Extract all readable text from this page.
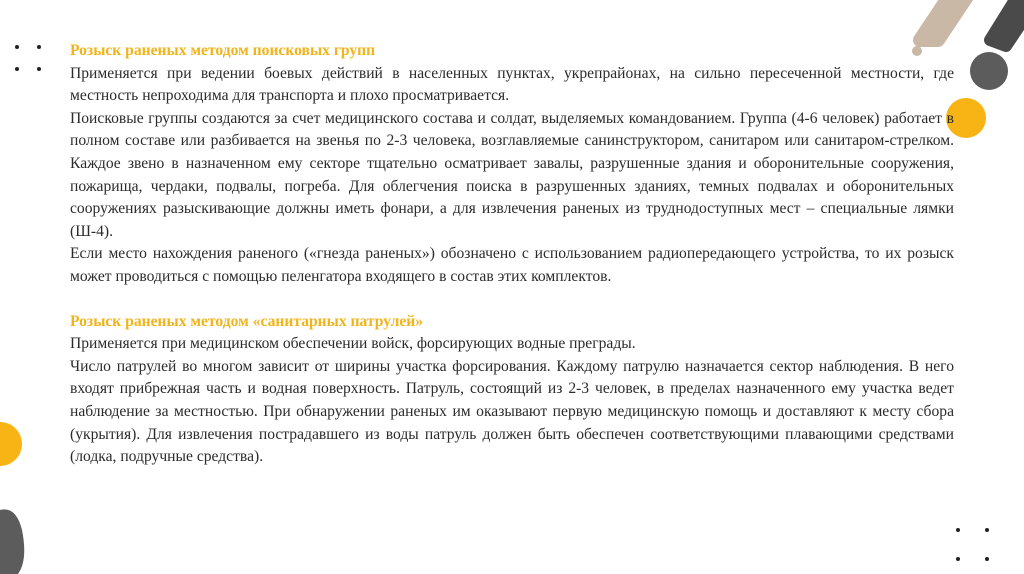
Розыск раненых методом поисковых групп

Применяется при ведении боевых действий в населенных пунктах, укрепрайонах, на сильно пересеченной местности, где местность непроходима для транспорта и плохо просматривается.

Поисковые группы создаются за счет медицинского состава и солдат, выделяемых командованием. Группа (4-6 человек) работает в полном составе или разбивается на звенья по 2-3 человека, возглавляемые санинструктором, санитаром или санитаром-стрелком. Каждое звено в назначенном ему секторе тщательно осматривает завалы, разрушенные здания и оборонительные сооружения, пожарища, чердаки, подвалы, погреба. Для облегчения поиска в разрушенных зданиях, темных подвалах и оборонительных сооружениях разыскивающие должны иметь фонари, а для извлечения раненых из труднодоступных мест – специальные лямки (Ш-4).

Если место нахождения раненого («гнезда раненых») обозначено с использованием радиопередающего устройства, то их розыск может проводиться с помощью пеленгатора входящего в состав этих комплектов.

Розыск раненых методом «санитарных патрулей»

Применяется при медицинском обеспечении войск, форсирующих водные преграды.

Число патрулей во многом зависит от ширины участка форсирования. Каждому патрулю назначается сектор наблюдения. В него входят прибрежная часть и водная поверхность. Патруль, состоящий из 2-3 человек, в пределах назначенного ему участка ведет наблюдение за местностью. При обнаружении раненых им оказывают первую медицинскую помощь и доставляют к месту сбора (укрытия). Для извлечения пострадавшего из воды патруль должен быть обеспечен соответствующими плавающими средствами (лодка, подручные средства).
